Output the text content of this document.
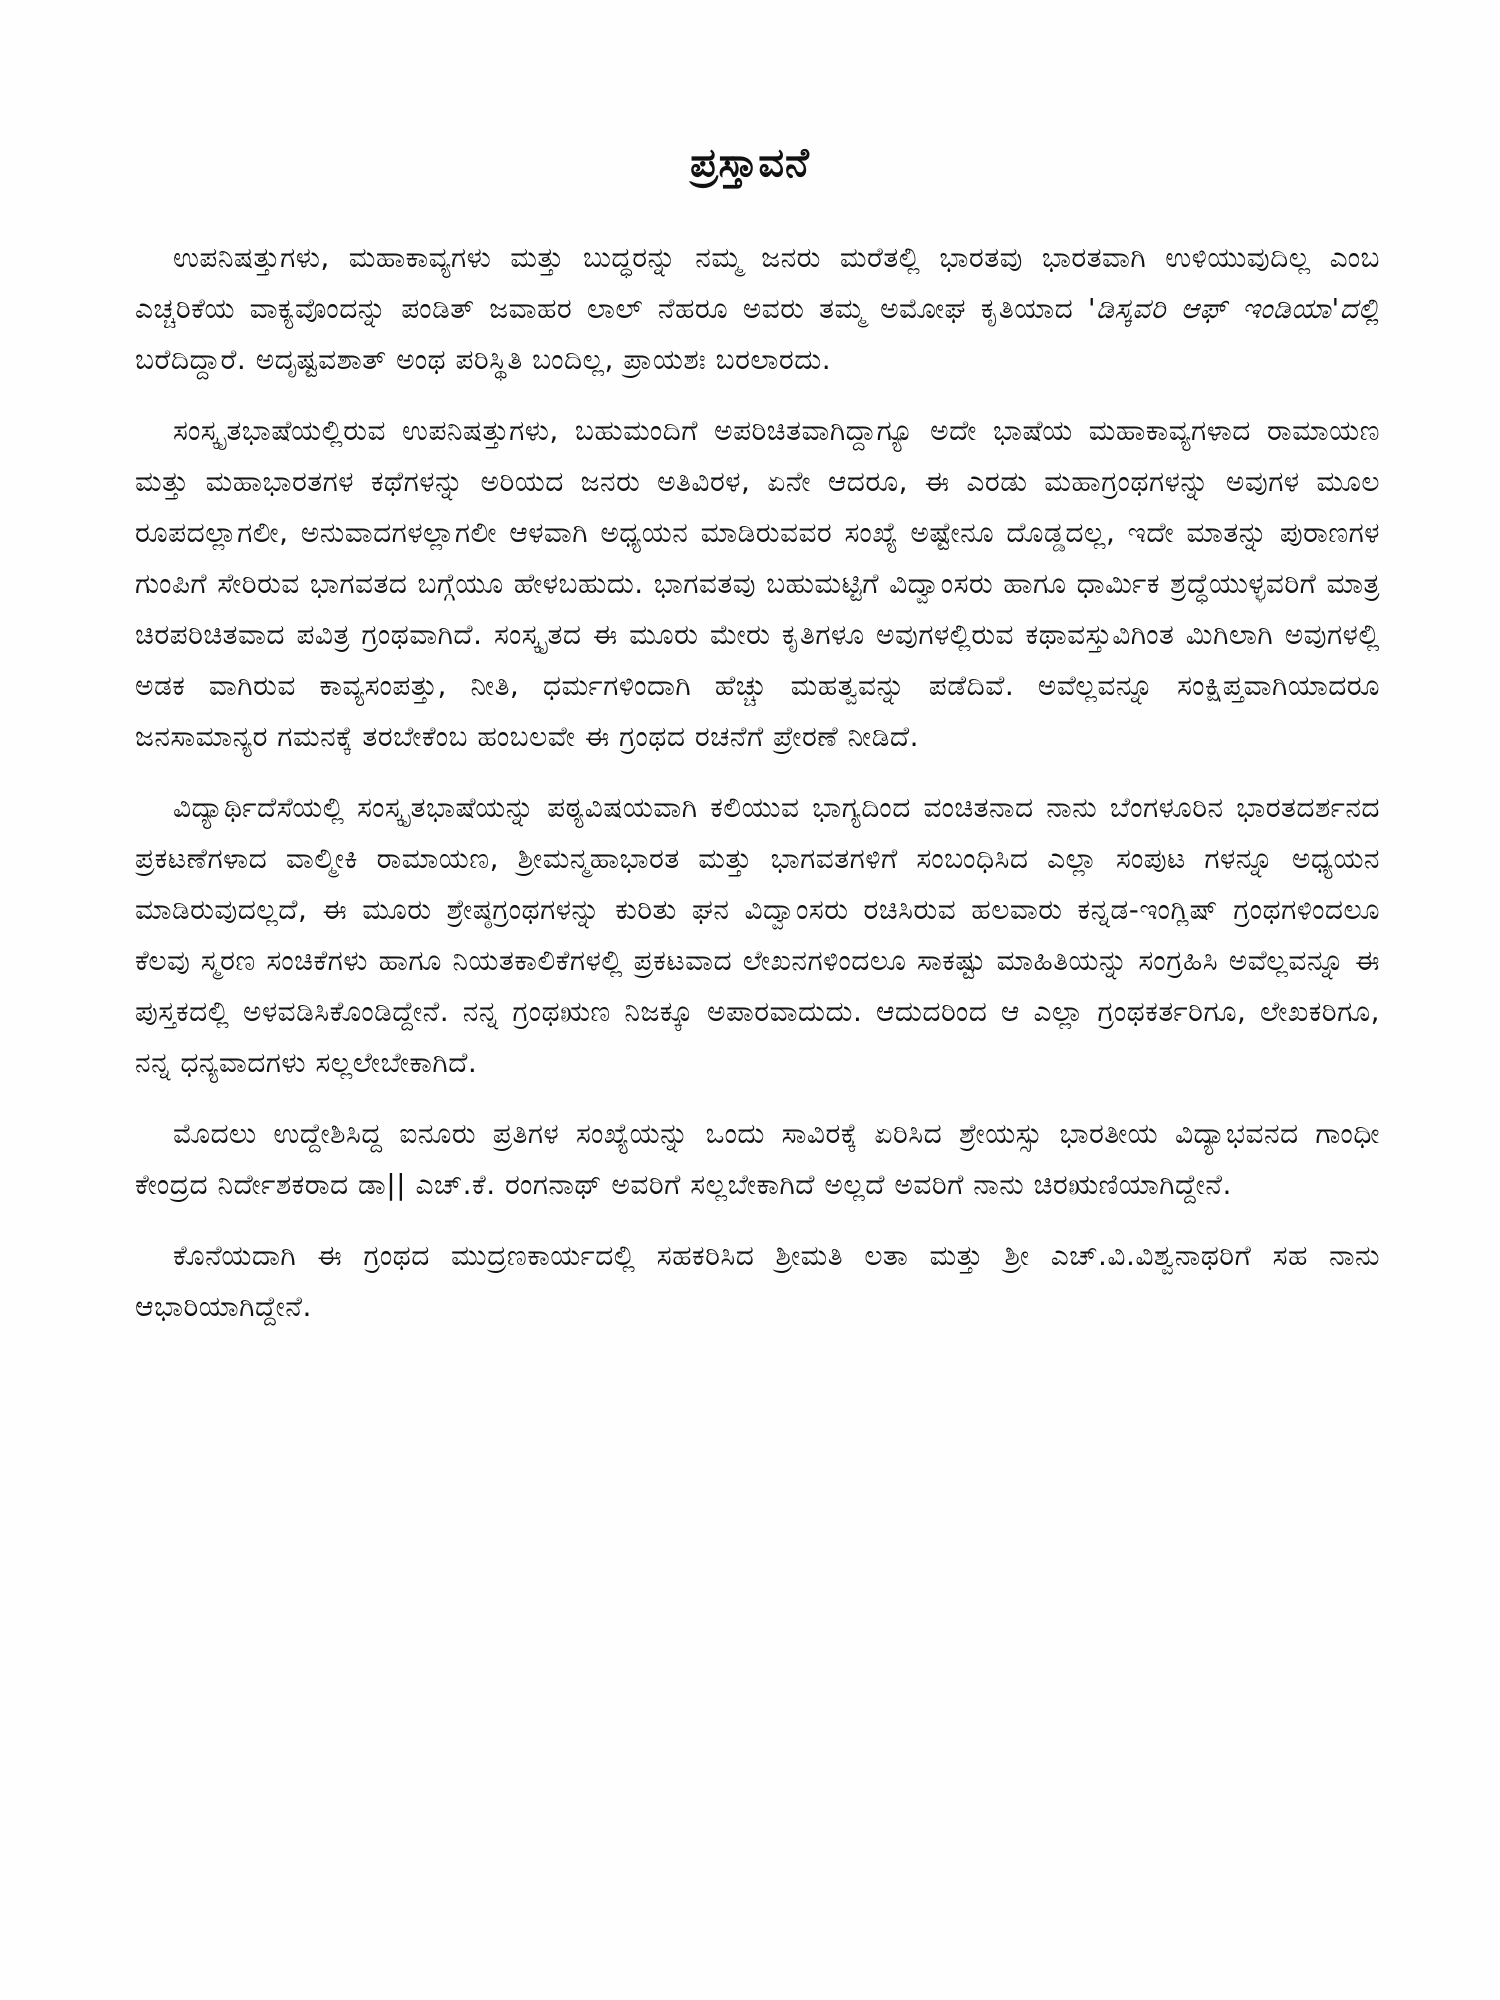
ಪ್ರಸ್ತಾವನೆ

ಉಪನಿಷತ್ತುಗಳು, ಮಹಾಕಾವ್ಯಗಳು ಮತ್ತು ಬುದ್ಧರನ್ನು ನಮ್ಮ ಜನರು ಮರೆತಲ್ಲಿ ಭಾರತವು ಭಾರತವಾಗಿ ಉಳಿಯುವುದಿಲ್ಲ ಎಂಬ ಎಚ್ಚರಿಕೆಯ ವಾಕ್ಯವೊಂದನ್ನು ಪಂಡಿತ್ ಜವಾಹರ ಲಾಲ್ ನೆಹರೂ ಅವರು ತಮ್ಮ ಅಮೋಘ ಕೃತಿಯಾದ 'ಡಿಸ್ಕವರಿ ಆಫ್ ಇಂಡಿಯಾ'ದಲ್ಲಿ ಬರೆದಿದ್ದಾರೆ. ಅದೃಷ್ಟವಶಾತ್ ಅಂಥ ಪರಿಸ್ಥಿತಿ ಬಂದಿಲ್ಲ, ಪ್ರಾಯಶಃ ಬರಲಾರದು.

ಸಂಸ್ಕೃತಭಾಷೆಯಲ್ಲಿರುವ ಉಪನಿಷತ್ತುಗಳು, ಬಹುಮಂದಿಗೆ ಅಪರಿಚಿತವಾಗಿದ್ದಾಗ್ಯೂ ಅದೇ ಭಾಷೆಯ ಮಹಾಕಾವ್ಯಗಳಾದ ರಾಮಾಯಣ ಮತ್ತು ಮಹಾಭಾರತಗಳ ಕಥೆಗಳನ್ನು ಅರಿಯದ ಜನರು ಅತಿವಿರಳ, ಏನೇ ಆದರೂ, ಈ ಎರಡು ಮಹಾಗ್ರಂಥಗಳನ್ನು ಅವುಗಳ ಮೂಲ ರೂಪದಲ್ಲಾಗಲೀ, ಅನುವಾದಗಳಲ್ಲಾಗಲೀ ಆಳವಾಗಿ ಅಧ್ಯಯನ ಮಾಡಿರುವವರ ಸಂಖ್ಯೆ ಅಷ್ಟೇನೂ ದೊಡ್ಡದಲ್ಲ, ಇದೇ ಮಾತನ್ನು ಪುರಾಣಗಳ ಗುಂಪಿಗೆ ಸೇರಿರುವ ಭಾಗವತದ ಬಗ್ಗೆಯೂ ಹೇಳಬಹುದು. ಭಾಗವತವು ಬಹುಮಟ್ಟಿಗೆ ವಿದ್ವಾಂಸರು ಹಾಗೂ ಧಾರ್ಮಿಕ ಶ್ರದ್ಧೆಯುಳ್ಳವರಿಗೆ ಮಾತ್ರ ಚಿರಪರಿಚಿತವಾದ ಪವಿತ್ರ ಗ್ರಂಥವಾಗಿದೆ. ಸಂಸ್ಕೃತದ ಈ ಮೂರು ಮೇರು ಕೃತಿಗಳೂ ಅವುಗಳಲ್ಲಿರುವ ಕಥಾವಸ್ತುವಿಗಿಂತ ಮಿಗಿಲಾಗಿ ಅವುಗಳಲ್ಲಿ ಅಡಕ ವಾಗಿರುವ ಕಾವ್ಯಸಂಪತ್ತು, ನೀತಿ, ಧರ್ಮಗಳಿಂದಾಗಿ ಹೆಚ್ಚು ಮಹತ್ವವನ್ನು ಪಡೆದಿವೆ. ಅವೆಲ್ಲವನ್ನೂ ಸಂಕ್ಷಿಪ್ತವಾಗಿಯಾದರೂ ಜನಸಾಮಾನ್ಯರ ಗಮನಕ್ಕೆ ತರಬೇಕೆಂಬ ಹಂಬಲವೇ ಈ ಗ್ರಂಥದ ರಚನೆಗೆ ಪ್ರೇರಣೆ ನೀಡಿದೆ.

ವಿದ್ಯಾರ್ಥಿದೆಸೆಯಲ್ಲಿ ಸಂಸ್ಕೃತಭಾಷೆಯನ್ನು ಪಠ್ಯವಿಷಯವಾಗಿ ಕಲಿಯುವ ಭಾಗ್ಯದಿಂದ ವಂಚಿತನಾದ ನಾನು ಬೆಂಗಳೂರಿನ ಭಾರತದರ್ಶನದ ಪ್ರಕಟಣೆಗಳಾದ ವಾಲ್ಮೀಕಿ ರಾಮಾಯಣ, ಶ್ರೀಮನ್ಮಹಾಭಾರತ ಮತ್ತು ಭಾಗವತಗಳಿಗೆ ಸಂಬಂಧಿಸಿದ ಎಲ್ಲಾ ಸಂಪುಟ ಗಳನ್ನೂ ಅಧ್ಯಯನ ಮಾಡಿರುವುದಲ್ಲದೆ, ಈ ಮೂರು ಶ್ರೇಷ್ಠಗ್ರಂಥಗಳನ್ನು ಕುರಿತು ಘನ ವಿದ್ವಾಂಸರು ರಚಿಸಿರುವ ಹಲವಾರು ಕನ್ನಡ-ಇಂಗ್ಲಿಷ್ ಗ್ರಂಥಗಳಿಂದಲೂ ಕೆಲವು ಸ್ಮರಣ ಸಂಚಿಕೆಗಳು ಹಾಗೂ ನಿಯತಕಾಲಿಕೆಗಳಲ್ಲಿ ಪ್ರಕಟವಾದ ಲೇಖನಗಳಿಂದಲೂ ಸಾಕಷ್ಟು ಮಾಹಿತಿಯನ್ನು ಸಂಗ್ರಹಿಸಿ ಅವೆಲ್ಲವನ್ನೂ ಈ ಪುಸ್ತಕದಲ್ಲಿ ಅಳವಡಿಸಿಕೊಂಡಿದ್ದೇನೆ. ನನ್ನ ಗ್ರಂಥಋಣ ನಿಜಕ್ಕೂ ಅಪಾರವಾದುದು. ಆದುದರಿಂದ ಆ ಎಲ್ಲಾ ಗ್ರಂಥಕರ್ತರಿಗೂ, ಲೇಖಕರಿಗೂ, ನನ್ನ ಧನ್ಯವಾದಗಳು ಸಲ್ಲಲೇಬೇಕಾಗಿದೆ.

ಮೊದಲು ಉದ್ದೇಶಿಸಿದ್ದ ಐನೂರು ಪ್ರತಿಗಳ ಸಂಖ್ಯೆಯನ್ನು ಒಂದು ಸಾವಿರಕ್ಕೆ ಏರಿಸಿದ ಶ್ರೇಯಸ್ಸು ಭಾರತೀಯ ವಿದ್ಯಾಭವನದ ಗಾಂಧೀ ಕೇಂದ್ರದ ನಿರ್ದೇಶಕರಾದ ಡಾ|| ಎಚ್.ಕೆ. ರಂಗನಾಥ್ ಅವರಿಗೆ ಸಲ್ಲಬೇಕಾಗಿದೆ ಅಲ್ಲದೆ ಅವರಿಗೆ ನಾನು ಚಿರಋಣಿಯಾಗಿದ್ದೇನೆ.

ಕೊನೆಯದಾಗಿ ಈ ಗ್ರಂಥದ ಮುದ್ರಣಕಾರ್ಯದಲ್ಲಿ ಸಹಕರಿಸಿದ ಶ್ರೀಮತಿ ಲತಾ ಮತ್ತು ಶ್ರೀ ಎಚ್.ವಿ.ವಿಶ್ವನಾಥರಿಗೆ ಸಹ ನಾನು ಆಭಾರಿಯಾಗಿದ್ದೇನೆ.
